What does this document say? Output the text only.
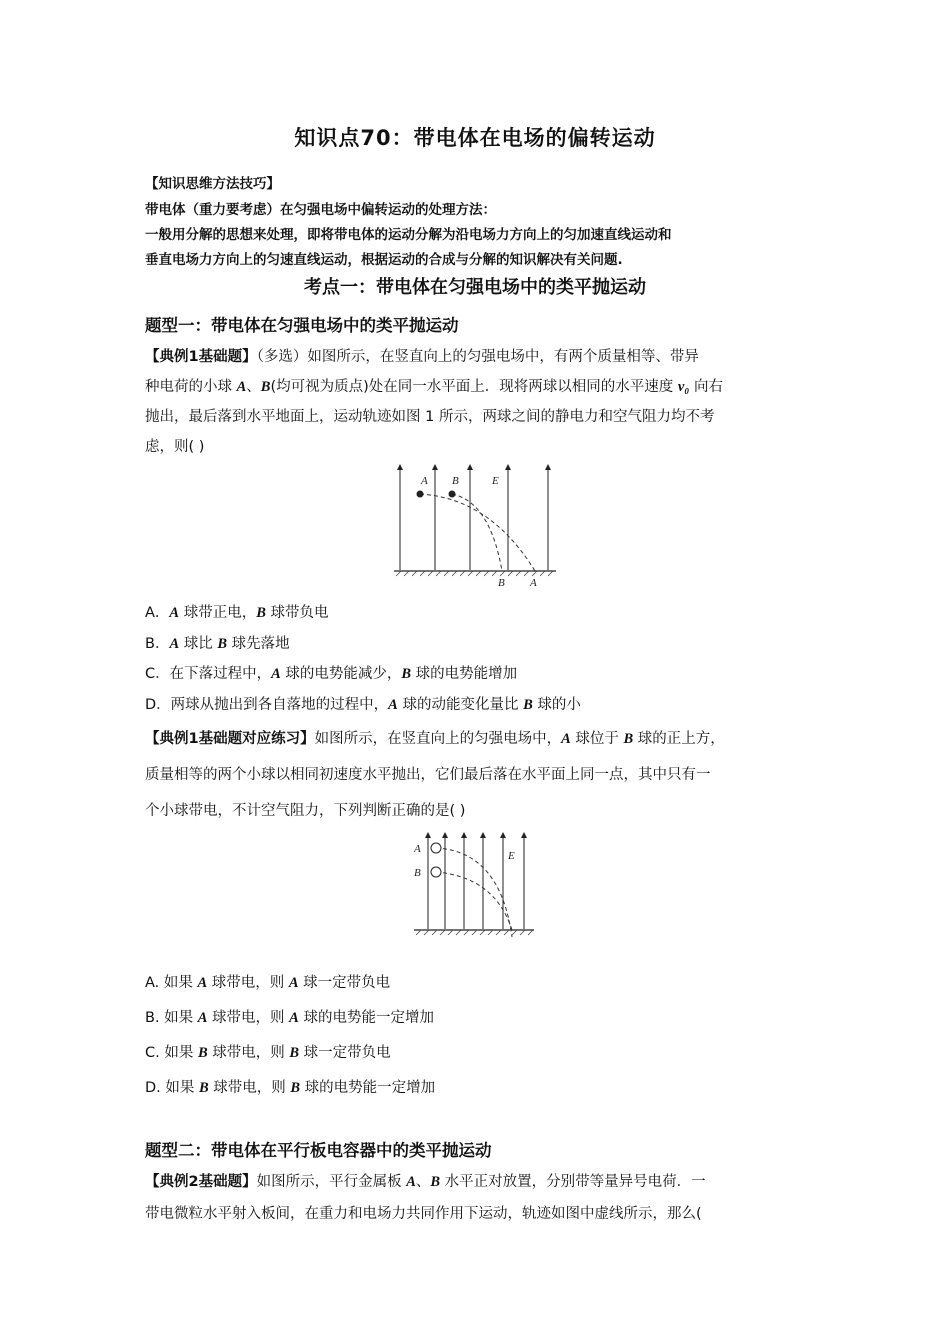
知识点70：带电体在电场的偏转运动
【知识思维方法技巧】
带电体（重力要考虑）在匀强电场中偏转运动的处理方法：
一般用分解的思想来处理，即将带电体的运动分解为沿电场力方向上的匀加速直线运动和
垂直电场力方向上的匀速直线运动，根据运动的合成与分解的知识解决有关问题.
考点一：带电体在匀强电场中的类平抛运动
题型一：带电体在匀强电场中的类平抛运动
【典例1基础题】（多选）如图所示，在竖直向上的匀强电场中，有两个质量相等、带异
种电荷的小球 A、B(均可视为质点)处在同一水平面上．现将两球以相同的水平速度 v₀ 向右
抛出，最后落到水平地面上，运动轨迹如图 1 所示，两球之间的静电力和空气阻力均不考
虑，则( )
A B	E
B A
A．A 球带正电，B 球带负电
B．A 球比 B 球先落地
C．在下落过程中，A 球的电势能减少，B 球的电势能增加
D．两球从抛出到各自落地的过程中，A 球的动能变化量比 B 球的小
【典例1基础题对应练习】如图所示，在竖直向上的匀强电场中，A 球位于 B 球的正上方，
质量相等的两个小球以相同初速度水平抛出，它们最后落在水平面上同一点，其中只有一
个小球带电，不计空气阻力，下列判断正确的是( )
A
B
E
A. 如果 A 球带电，则 A 球一定带负电
B. 如果 A 球带电，则 A 球的电势能一定增加
C. 如果 B 球带电，则 B 球一定带负电
D. 如果 B 球带电，则 B 球的电势能一定增加
题型二：带电体在平行板电容器中的类平抛运动
【典例2基础题】如图所示，平行金属板 A、B 水平正对放置，分别带等量异号电荷．一
带电微粒水平射入板间，在重力和电场力共同作用下运动，轨迹如图中虚线所示，那么(
